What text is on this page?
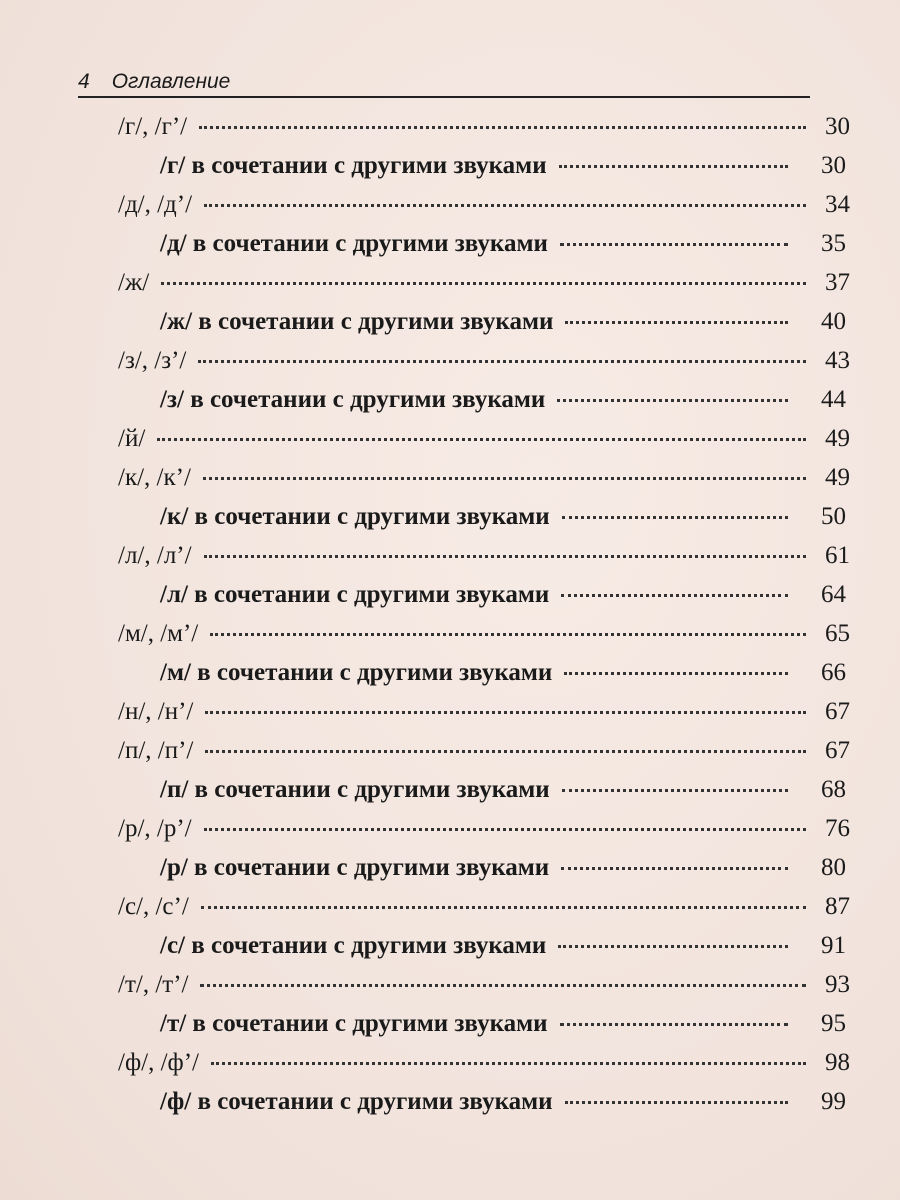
4 Оглавление
/г/, /г’/	30
/г/ в сочетании с другими звуками	30
/д/, /д’/	34
/д/ в сочетании с другими звуками	35
/ж/	37
/ж/ в сочетании с другими звуками	40
/з/, /з’/	43
/з/ в сочетании с другими звуками	44
/й/	49
/к/, /к’/	49
/к/ в сочетании с другими звуками	50
/л/, /л’/	61
/л/ в сочетании с другими звуками	64
/м/, /м’/	65
/м/ в сочетании с другими звуками	66
/н/, /н’/	67
/п/, /п’/	67
/п/ в сочетании с другими звуками	68
/р/, /р’/	76
/р/ в сочетании с другими звуками	80
/с/, /с’/	87
/с/ в сочетании с другими звуками	91
/т/, /т’/	93
/т/ в сочетании с другими звуками	95
/ф/, /ф’/	98
/ф/ в сочетании с другими звуками	99
